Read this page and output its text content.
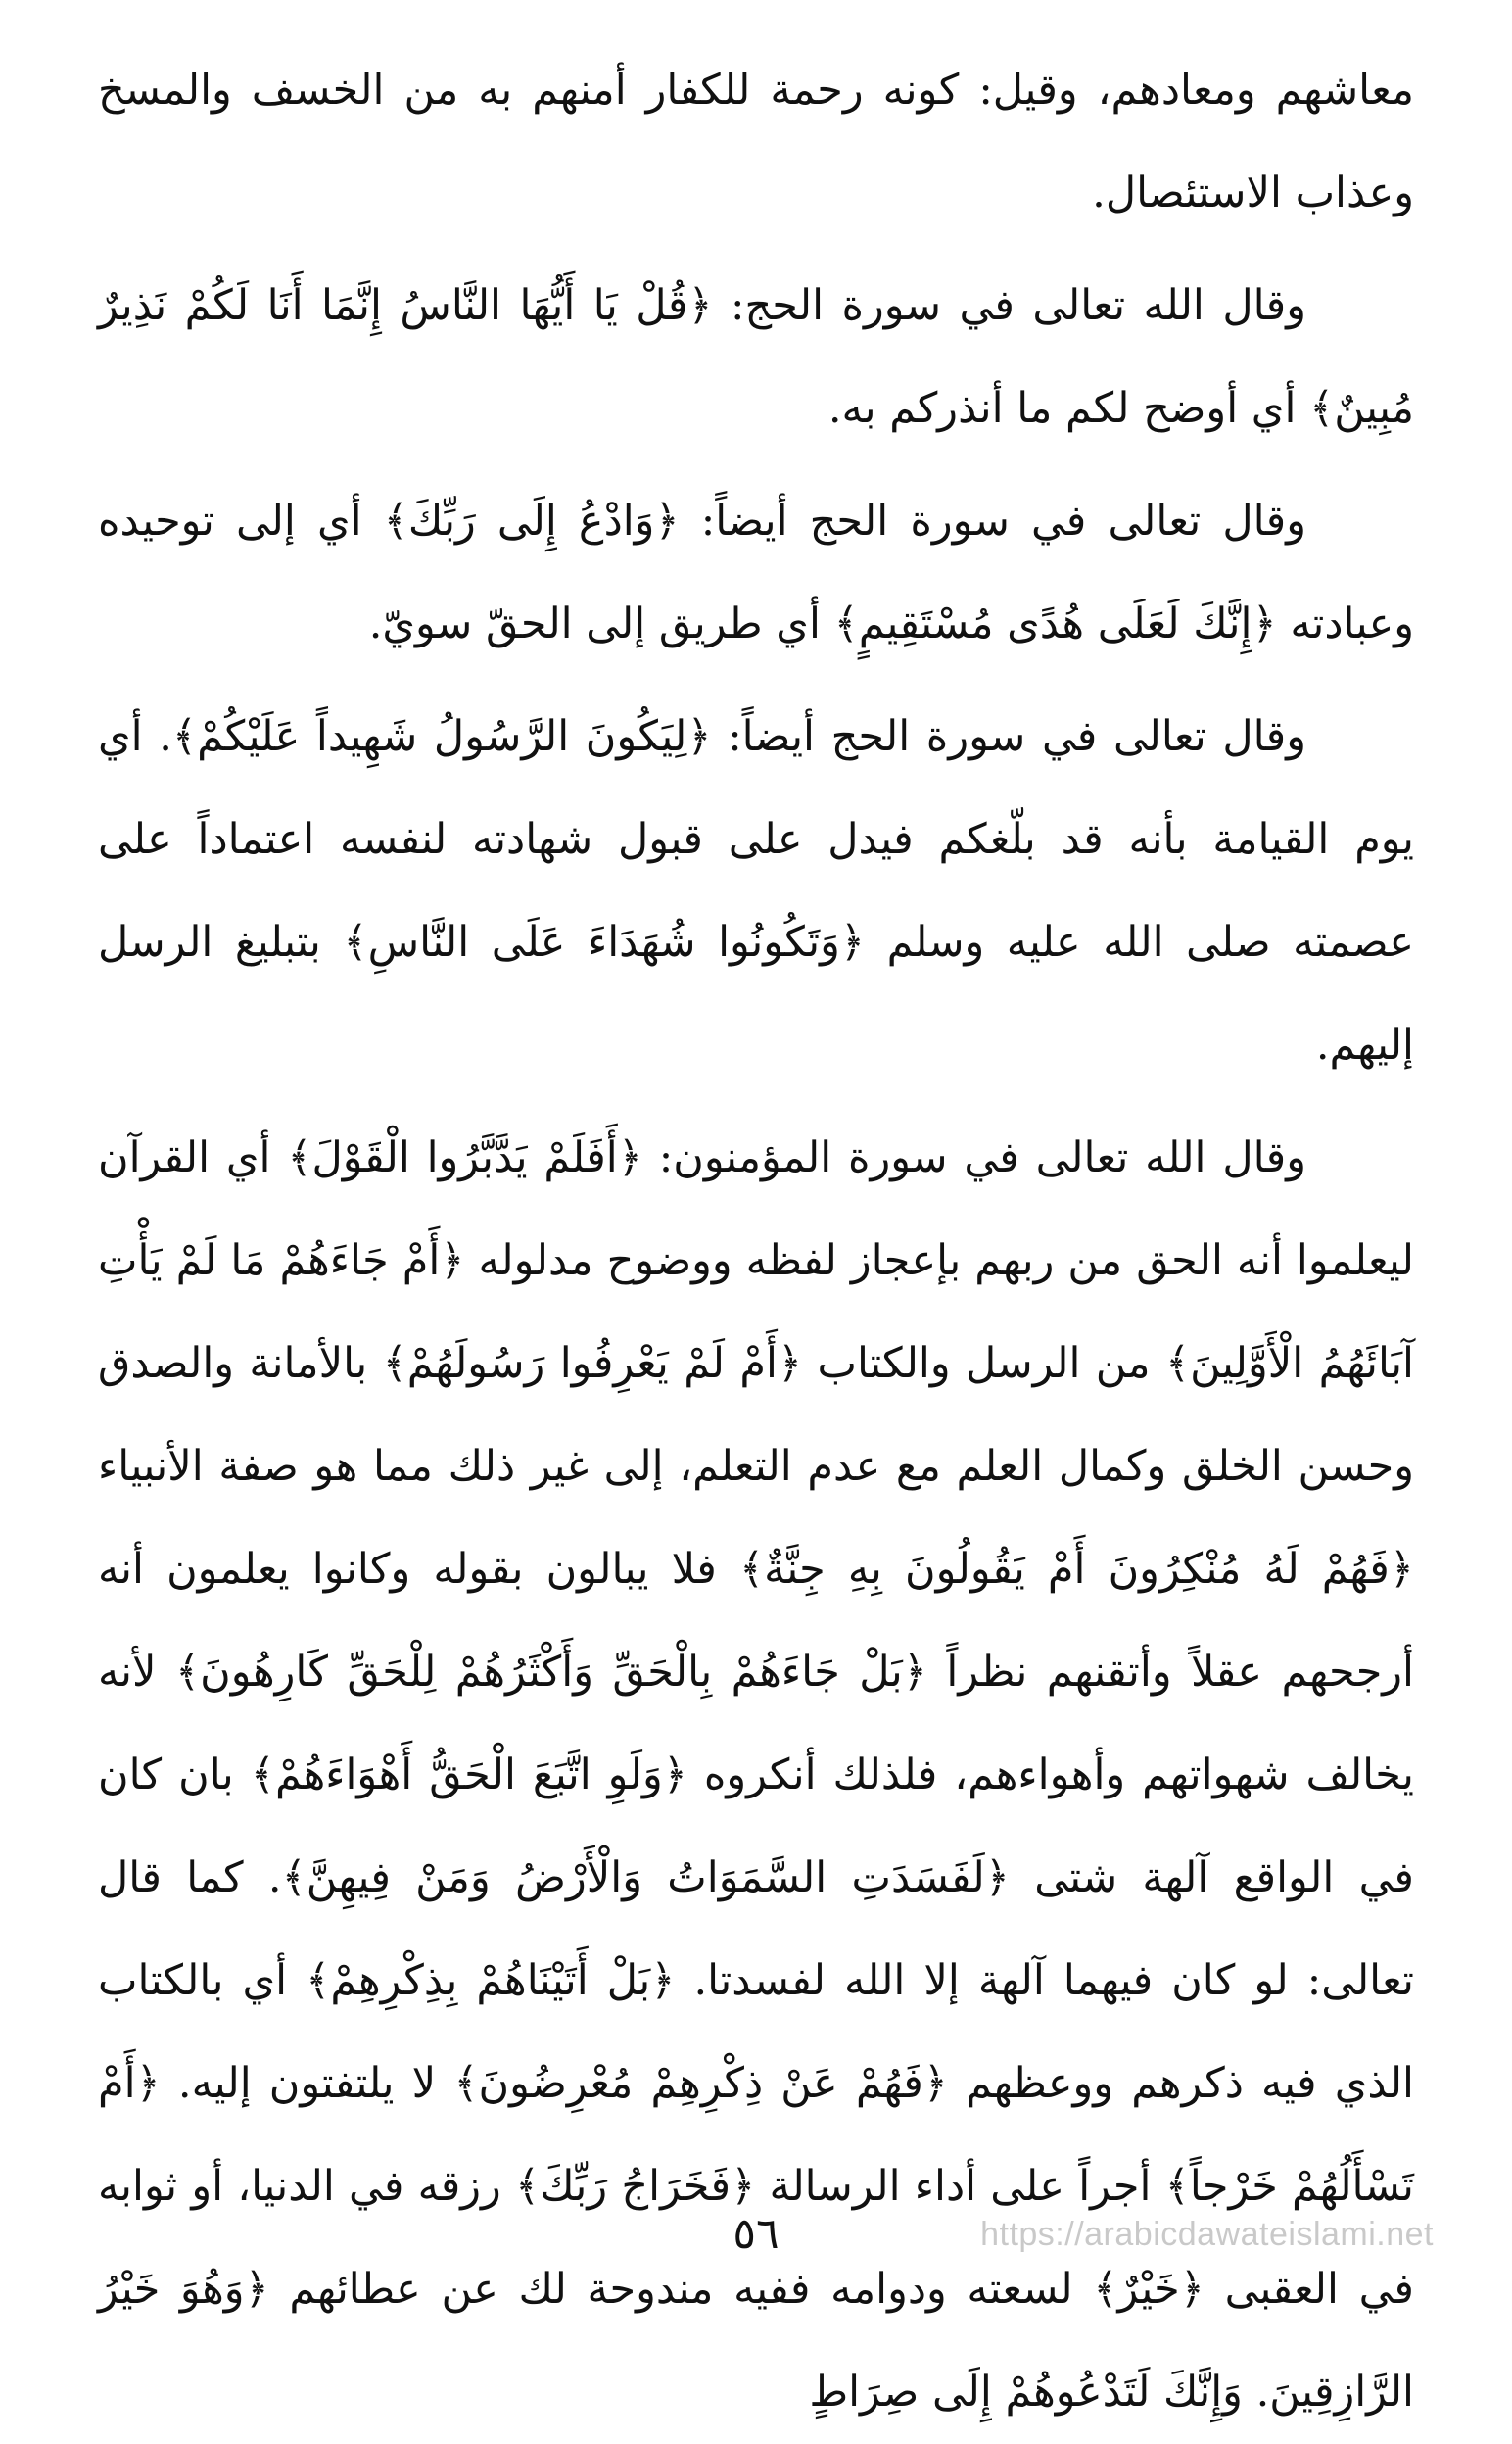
معاشهم ومعادهم، وقيل: كونه رحمة للكفار أمنهم به من الخسف والمسخ وعذاب الاستئصال.

وقال الله تعالى في سورة الحج: ﴿قُلْ يَا أَيُّهَا النَّاسُ إِنَّمَا أَنَا لَكُمْ نَذِيرٌ مُبِينٌ﴾ أي أوضح لكم ما أنذركم به.

وقال تعالى في سورة الحج أيضاً: ﴿وَادْعُ إِلَى رَبِّكَ﴾ أي إلى توحيده وعبادته ﴿إِنَّكَ لَعَلَى هُدًى مُسْتَقِيمٍ﴾ أي طريق إلى الحقّ سويّ.

وقال تعالى في سورة الحج أيضاً: ﴿لِيَكُونَ الرَّسُولُ شَهِيداً عَلَيْكُمْ﴾. أي يوم القيامة بأنه قد بلّغكم فيدل على قبول شهادته لنفسه اعتماداً على عصمته صلى الله عليه وسلم ﴿وَتَكُونُوا شُهَدَاءَ عَلَى النَّاسِ﴾ بتبليغ الرسل إليهم.

وقال الله تعالى في سورة المؤمنون: ﴿أَفَلَمْ يَدَّبَّرُوا الْقَوْلَ﴾ أي القرآن ليعلموا أنه الحق من ربهم بإعجاز لفظه ووضوح مدلوله ﴿أَمْ جَاءَهُمْ مَا لَمْ يَأْتِ آبَائَهُمُ الْأَوَّلِينَ﴾ من الرسل والكتاب ﴿أَمْ لَمْ يَعْرِفُوا رَسُولَهُمْ﴾ بالأمانة والصدق وحسن الخلق وكمال العلم مع عدم التعلم، إلى غير ذلك مما هو صفة الأنبياء ﴿فَهُمْ لَهُ مُنْكِرُونَ أَمْ يَقُولُونَ بِهِ جِنَّةٌ﴾ فلا يبالون بقوله وكانوا يعلمون أنه أرجحهم عقلاً وأتقنهم نظراً ﴿بَلْ جَاءَهُمْ بِالْحَقِّ وَأَكْثَرُهُمْ لِلْحَقِّ كَارِهُونَ﴾ لأنه يخالف شهواتهم وأهواءهم، فلذلك أنكروه ﴿وَلَوِ اتَّبَعَ الْحَقُّ أَهْوَاءَهُمْ﴾ بان كان في الواقع آلهة شتى ﴿لَفَسَدَتِ السَّمَوَاتُ وَالْأَرْضُ وَمَنْ فِيهِنَّ﴾. كما قال تعالى: لو كان فيهما آلهة إلا الله لفسدتا. ﴿بَلْ أَتَيْنَاهُمْ بِذِكْرِهِمْ﴾ أي بالكتاب الذي فيه ذكرهم ووعظهم ﴿فَهُمْ عَنْ ذِكْرِهِمْ مُعْرِضُونَ﴾ لا يلتفتون إليه. ﴿أَمْ تَسْأَلُهُمْ خَرْجاً﴾ أجراً على أداء الرسالة ﴿فَخَرَاجُ رَبِّكَ﴾ رزقه في الدنيا، أو ثوابه في العقبى ﴿خَيْرٌ﴾ لسعته ودوامه ففيه مندوحة لك عن عطائهم ﴿وَهُوَ خَيْرُ الرَّازِقِينَ. وَإِنَّكَ لَتَدْعُوهُمْ إِلَى صِرَاطٍ

٥٦	https://arabicdawateislami.net
